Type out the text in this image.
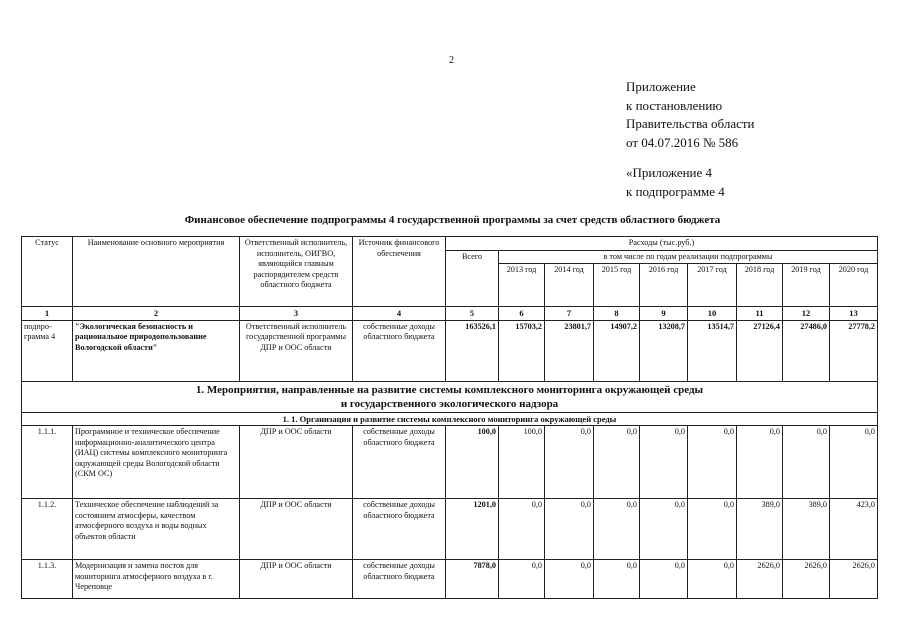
2
Приложение
к постановлению
Правительства области
от 04.07.2016 № 586
«Приложение 4
к подпрограмме 4
Финансовое обеспечение подпрограммы 4 государственной программы за счет средств областного бюджета
Статус	Наименование основного мероприятия	Ответственный исполнитель, исполнитель, ОИГВО, являющийся главным распорядителем средств областного бюджета	Источник финансового обеспечения	Расходы (тыс.руб.)								
				Всего	в том числе по годам реализации подпрограммы							
					2013 год	2014 год	2015 год	2016 год	2017 год	2018 год	2019 год	2020 год
1	2	3	4	5	6	7	8	9	10	11	12	13
подпро-грамма 4	"Экологическая безопасность и рациональное природопользование Вологодской области"	Ответственный исполнитель государственной программы ДПР и ООС области	собственные доходы областного бюджета	163526,1	15703,2	23801,7	14907,2	13208,7	13514,7	27126,4	27486,0	27778,2

1. Мероприятия, направленные на развитие системы комплексного мониторинга окружающей среды
и государственного экологического надзора												

1. 1. Организация и развитие системы комплексного мониторинга окружающей среды												
1.1.1.	Программное и техническое обеспечение информационно-аналитического центра (ИАЦ) системы комплексного мониторинга окружающей среды Вологодской области (СКМ ОС)	ДПР и ООС области	собственные доходы областного бюджета	100,0	100,0	0,0	0,0	0,0	0,0	0,0	0,0	0,0
1.1.2.	Техническое обеспечение наблюдений за состоянием атмосферы, качеством атмосферного воздуха и воды водных объектов области	ДПР и ООС области	собственные доходы областного бюджета	1201,0	0,0	0,0	0,0	0,0	0,0	389,0	389,0	423,0
1.1.3.	Модернизация и замена постов для мониторинга атмосферного воздуха в г. Череповце	ДПР и ООС области	собственные доходы областного бюджета	7878,0	0,0	0,0	0,0	0,0	0,0	2626,0	2626,0	2626,0
